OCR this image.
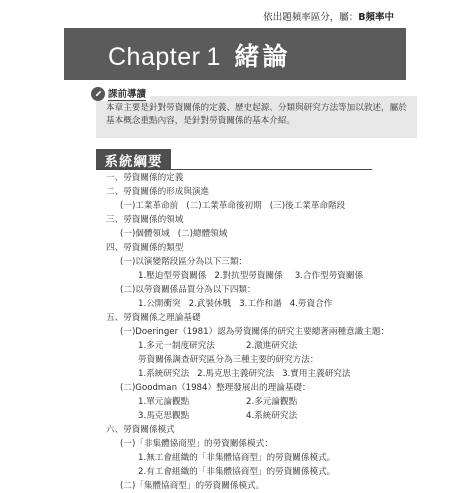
依出題頻率區分，屬：B頻率中
Chapter 1 緒論
本章主要是針對勞資關係的定義、歷史起源、分類與研究方法等加以敘述，屬於基本概念重點內容，是針對勞資關係的基本介紹。
課前導讀
系統綱要
一、勞資關係的定義
二、勞資關係的形成與演進
(一)工業革命前 (二)工業革命後初期 (三)後工業革命階段
三、勞資關係的領域
(一)個體領域 (二)總體領域
四、勞資關係的類型
(一)以演變階段區分為以下三類：
1.壓迫型勞資關係 2.對抗型勞資關係 3.合作型勞資關係
(二)以勞資關係品質分為以下四類：
1.公開衝突 2.武裝休戰 3.工作和諧 4.勞資合作
五、勞資關係之理論基礎
(一)Doeringer（1981）認為勞資關係的研究主要總著兩種意識主題：
1.多元一制度研究法	2.激進研究法
勞資關係調查研究區分為三種主要的研究方法：
1.系統研究法 2.馬克思主義研究法 3.實用主義研究法
(二)Goodman（1984）整理發展出的理論基礎：
1.單元論觀點	2.多元論觀點
3.馬克思觀點	4.系統研究法
六、勞資關係模式
(一)「非集體協商型」的勞資關係模式：
1.無工會組織的「非集體協商型」的勞資關係模式。
2.有工會組織的「非集體協商型」的勞資關係模式。
(二)「集體協商型」的勞資關係模式。
